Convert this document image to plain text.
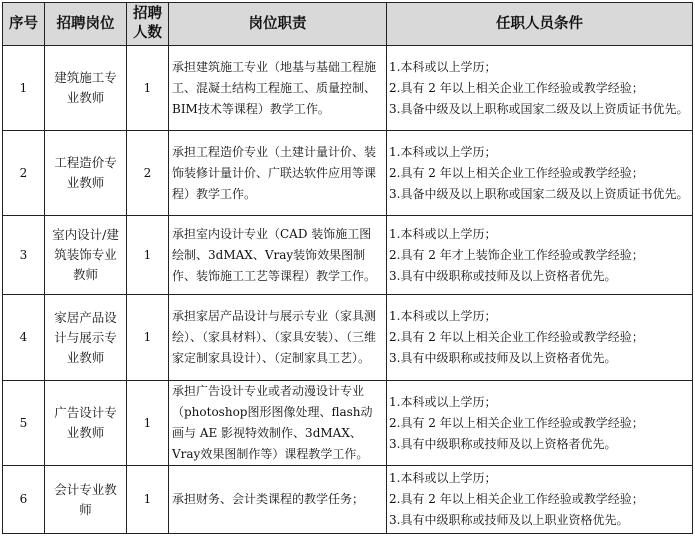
序号	招聘岗位	招聘人数	岗位职责	任职人员条件
1	建筑施工专业教师	1	承担建筑施工专业（地基与基础工程施工、混凝土结构工程施工、质量控制、BIM技术等课程）教学工作。	1.本科或以上学历；
2.具有 2 年以上相关企业工作经验或教学经验；
3.具备中级及以上职称或国家二级及以上资质证书优先。

2	工程造价专业教师	2	承担工程造价专业（土建计量计价、装饰装修计量计价、广联达软件应用等课程）教学工作。	1.本科或以上学历；
2.具有 2 年以上相关企业工作经验或教学经验；
3.具备中级及以上职称或国家二级及以上资质证书优先。

3	室内设计/建筑装饰专业教师	1	承担室内设计专业（CAD 装饰施工图绘制、3dMAX、Vray装饰效果图制作、装饰施工工艺等课程）教学工作。	1.本科或以上学历；
2.具有 2 年才上装饰企业工作经验或教学经验；
3.具有中级职称或技师及以上资格者优先。

4	家居产品设计与展示专业教师	1	承担家居产品设计与展示专业（家具测绘）、（家具材料）、（家具安装）、（三维家定制家具设计）、（定制家具工艺）。	1.本科或以上学历；
2.具有 2 年以上相关企业工作经验或教学经验；
3.具有中级职称或技师及以上资格者优先。

5	广告设计专业教师	1	承担广告设计专业或者动漫设计专业（photoshop图形图像处理、flash动画与 AE 影视特效制作、3dMAX、Vray效果图制作等）课程教学工作。	1.本科或以上学历；
2.具有 2 年以上相关企业工作经验或教学经验；
3.具有中级职称或技师及以上资格者优先。

6	会计专业教师	1	承担财务、会计类课程的教学任务；	1.本科或以上学历；
2.具有 2 年以上相关企业工作经验或教学经验；
3.具有中级职称或技师及以上职业资格优先。
